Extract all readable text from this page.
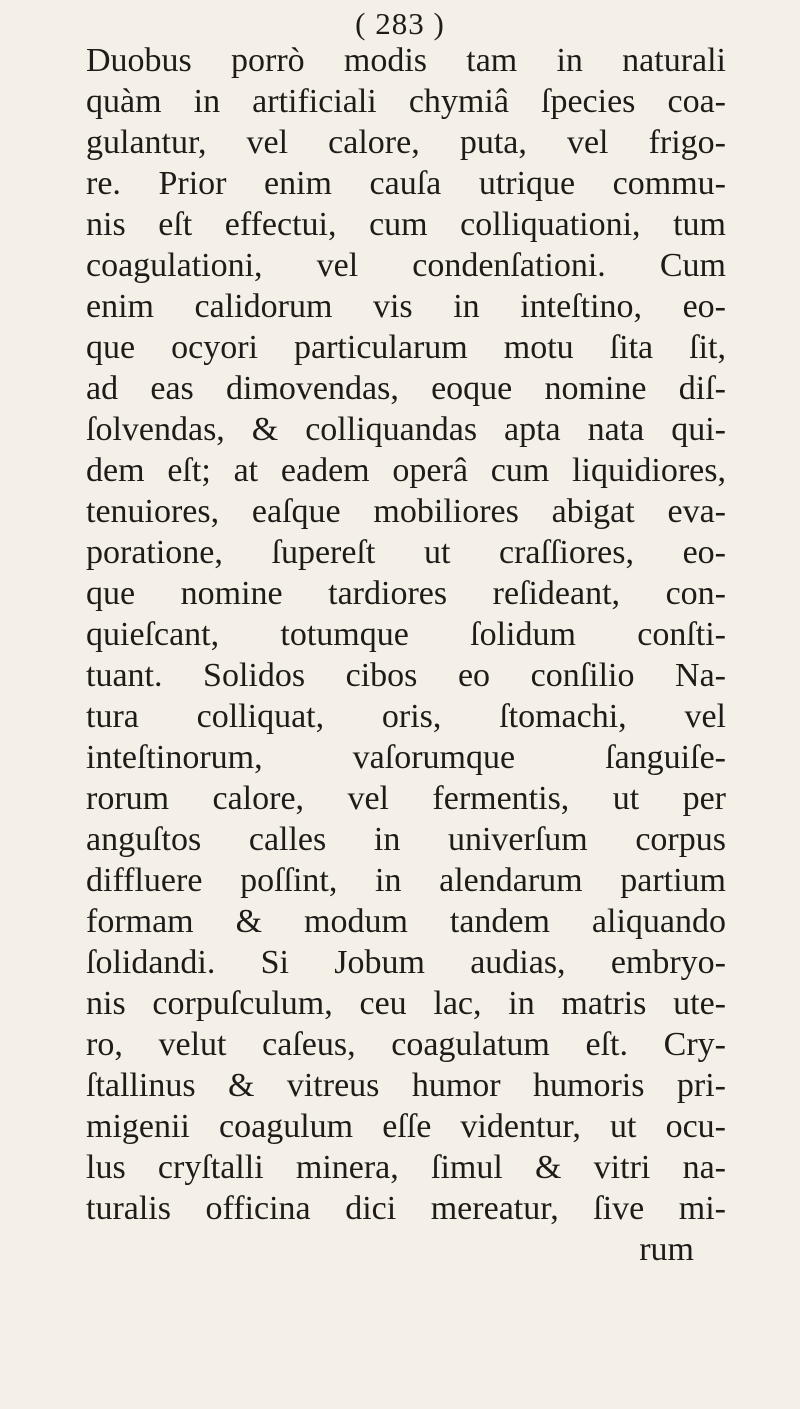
( 283 )
Duobus porrò modis tam in naturali
quàm in artificiali chymiâ ſpecies coa-
gulantur, vel calore, puta, vel frigo-
re. Prior enim cauſa utrique commu-
nis eſt effectui, cum colliquationi, tum
coagulationi, vel condenſationi. Cum
enim calidorum vis in inteſtino, eo-
que ocyori particularum motu ſita ſit,
ad eas dimovendas, eoque nomine diſ-
ſolvendas, & colliquandas apta nata qui-
dem eſt; at eadem operâ cum liquidiores,
tenuiores, eaſque mobiliores abigat eva-
poratione, ſupereſt ut craſſiores, eo-
que nomine tardiores reſideant, con-
quieſcant, totumque ſolidum conſti-
tuant. Solidos cibos eo conſilio Na-
tura colliquat, oris, ſtomachi, vel
inteſtinorum, vaſorumque ſanguiſe-
rorum calore, vel fermentis, ut per
anguſtos calles in univerſum corpus
diffluere poſſint, in alendarum partium
formam & modum tandem aliquando
ſolidandi. Si Jobum audias, embryo-
nis corpuſculum, ceu lac, in matris ute-
ro, velut caſeus, coagulatum eſt. Cry-
ſtallinus & vitreus humor humoris pri-
migenii coagulum eſſe videntur, ut ocu-
lus cryſtalli minera, ſimul & vitri na-
turalis officina dici mereatur, ſive mi-
rum
